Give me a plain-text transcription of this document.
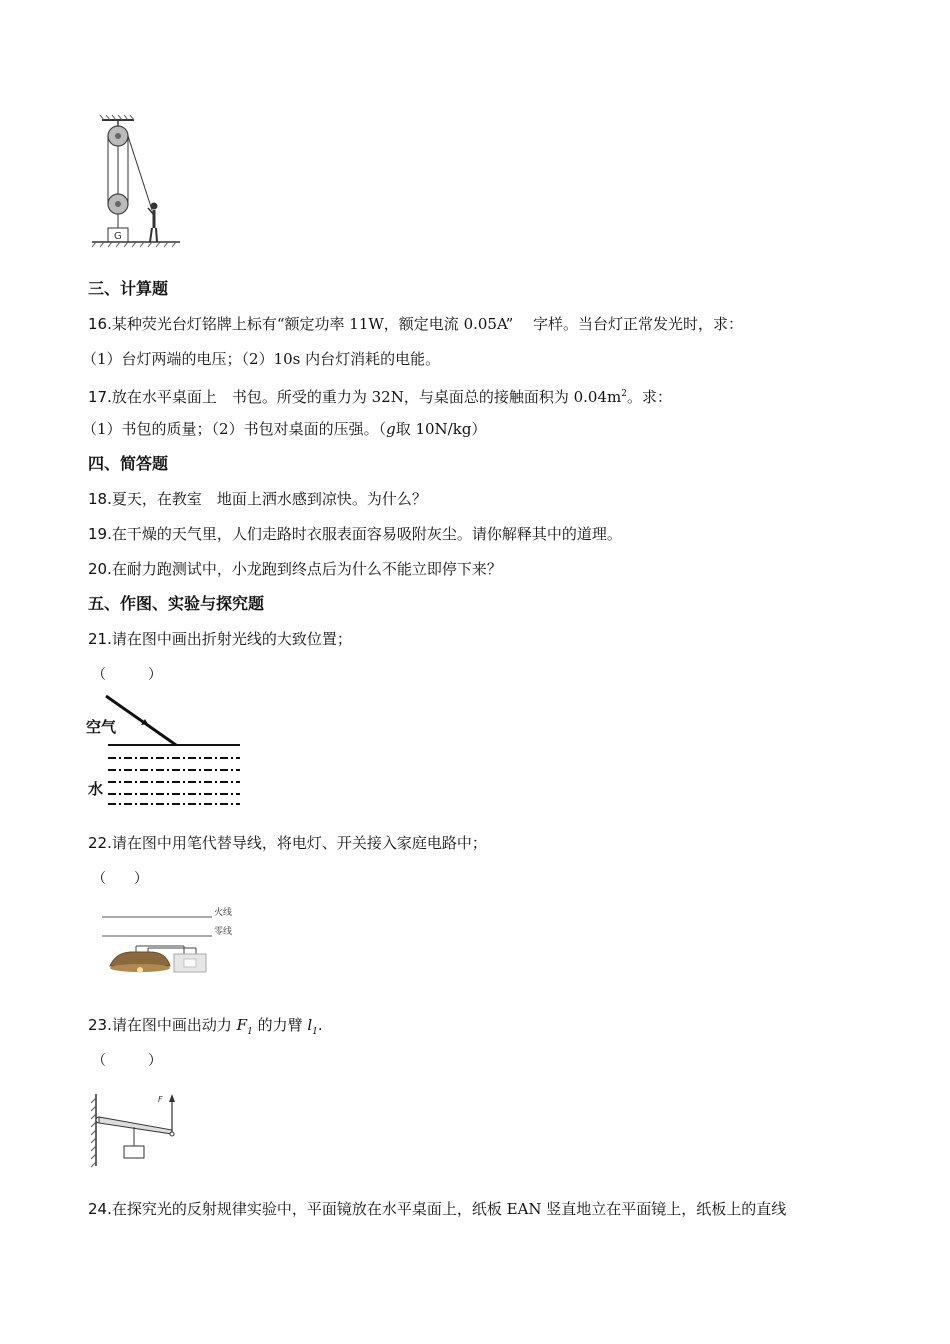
G
三、计算题
16.某种荧光台灯铭牌上标有“额定功率 11W，额定电流 0.05A”　 字样。当台灯正常发光时，求：
（1）台灯两端的电压；（2）10s 内台灯消耗的电能。
17.放在水平桌面上　书包。所受的重力为 32N，与桌面总的接触面积为 $0.04m^2$。求：
（1）书包的质量；（2）书包对桌面的压强。（g取 10N/kg）
四、简答题
18.夏天，在教室　地面上洒水感到凉快。为什么？
19.在干燥的天气里，人们走路时衣服表面容易吸附灰尘。请你解释其中的道理。
20.在耐力跑测试中，小龙跑到终点后为什么不能立即停下来？
五、作图、实验与探究题
21.请在图中画出折射光线的大致位置；
（　　　）
空气
水
22.请在图中用笔代替导线，将电灯、开关接入家庭电路中；
（　　）
火线
零线
23.请在图中画出动力 $F_1$ 的力臂 $l_1$.
（　　　）
F
24.在探究光的反射规律实验中，平面镜放在水平桌面上，纸板 EAN 竖直地立在平面镜上，纸板上的直线
